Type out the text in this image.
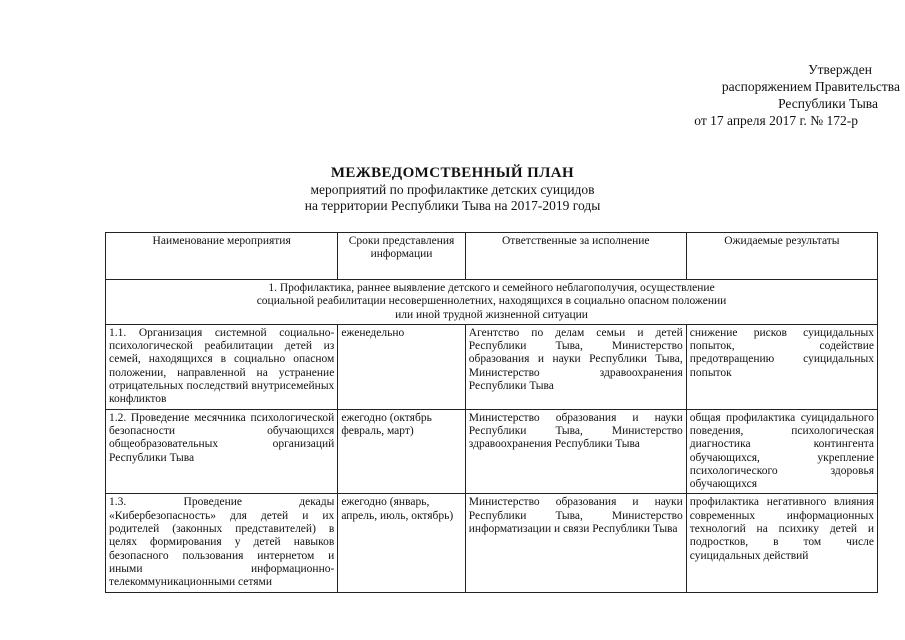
Утвержден
распоряжением Правительства
Республики Тыва
от 17 апреля 2017 г. № 172-р
МЕЖВЕДОМСТВЕННЫЙ ПЛАН
мероприятий по профилактике детских суицидов
на территории Республики Тыва на 2017-2019 годы
Наименование мероприятия	Сроки представления информации	Ответственные за исполнение	Ожидаемые результаты

1. Профилактика, раннее выявление детского и семейного неблагополучия, осуществление
социальной реабилитации несовершеннолетних, находящихся в социально опасном положении
или иной трудной жизненной ситуации			

1.1. Организация системной социально-психологической реабилитации детей из семей, находящихся в социально опасном положении, направленной на устранение отрицательных последствий внутрисемейных конфликтов	еженедельно	Агентство по делам семьи и детей Республики Тыва, Министерство образования и науки Республики Тыва, Министерство здравоохранения Республики Тыва	снижение рисков суицидальных попыток, содействие предотвращению суицидальных попыток
1.2. Проведение месячника психологической безопасности обучающихся общеобразовательных организаций Республики Тыва	ежегодно (октябрь февраль, март)	Министерство образования и науки Республики Тыва, Министерство здравоохранения Республики Тыва	общая профилактика суицидального поведения, психологическая диагностика контингента обучающихся, укрепление психологического здоровья обучающихся
1.3. Проведение декады «Кибербезопасность» для детей и их родителей (законных представителей) в целях формирования у детей навыков безопасного пользования интернетом и иными информационно-телекоммуникационными сетями	ежегодно (январь, апрель, июль, октябрь)	Министерство образования и науки Республики Тыва, Министерство информатизации и связи Республики Тыва	профилактика негативного влияния современных информационных технологий на психику детей и подростков, в том числе суицидальных действий
